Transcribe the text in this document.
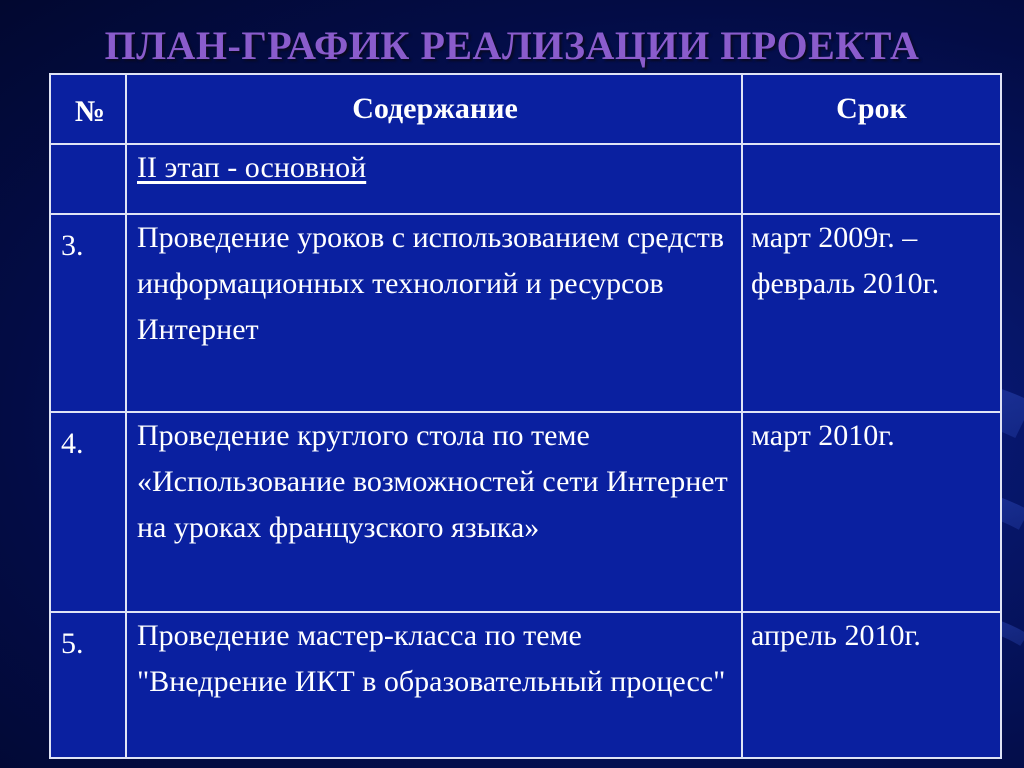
ПЛАН-ГРАФИК РЕАЛИЗАЦИИ ПРОЕКТА
№	Содержание	Срок
	II этап - основной	
3.	Проведение уроков с использованием средств информационных технологий и ресурсов Интернет	март 2009г. – февраль 2010г.
4.	Проведение круглого стола по теме «Использование возможностей сети Интернет на уроках французского языка»	март 2010г.
5.	Проведение мастер-класса по теме "Внедрение ИКТ в образовательный процесс"	апрель 2010г.
